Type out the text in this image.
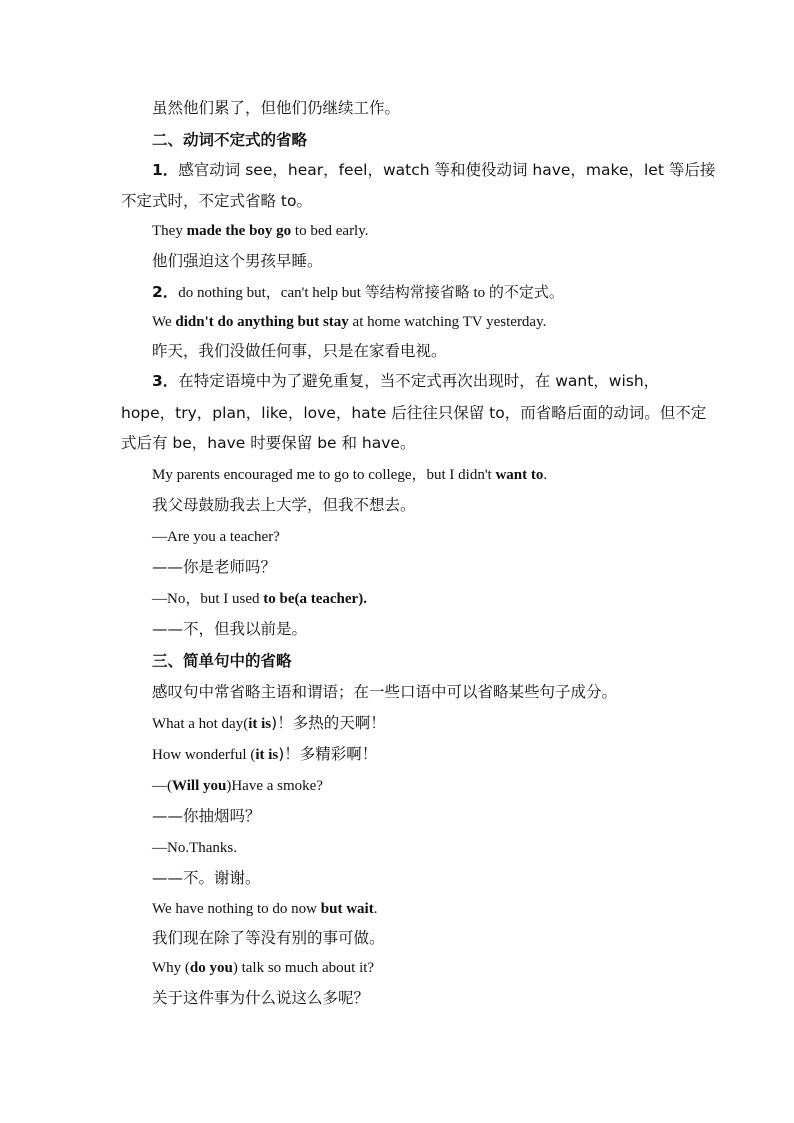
虽然他们累了，但他们仍继续工作。
二、动词不定式的省略
1．感官动词 see，hear，feel，watch 等和使役动词 have，make，let 等后接
不定式时，不定式省略 to。
They made the boy go to bed early.
他们强迫这个男孩早睡。
2．do nothing but，can't help but 等结构常接省略 to 的不定式。
We didn't do anything but stay at home watching TV yesterday.
昨天，我们没做任何事，只是在家看电视。
3．在特定语境中为了避免重复，当不定式再次出现时，在 want，wish，
hope，try，plan，like，love，hate 后往往只保留 to，而省略后面的动词。但不定
式后有 be，have 时要保留 be 和 have。
My parents encouraged me to go to college，but I didn't want to.
我父母鼓励我去上大学，但我不想去。
—Are you a teacher?
——你是老师吗？
—No，but I used to be(a teacher).
——不，但我以前是。
三、简单句中的省略
感叹句中常省略主语和谓语；在一些口语中可以省略某些句子成分。
What a hot day(it is)！多热的天啊！
How wonderful (it is)！多精彩啊！
—(Will you)Have a smoke?
——你抽烟吗？
—No.Thanks.
——不。谢谢。
We have nothing to do now but wait.
我们现在除了等没有别的事可做。
Why (do you) talk so much about it?
关于这件事为什么说这么多呢？
